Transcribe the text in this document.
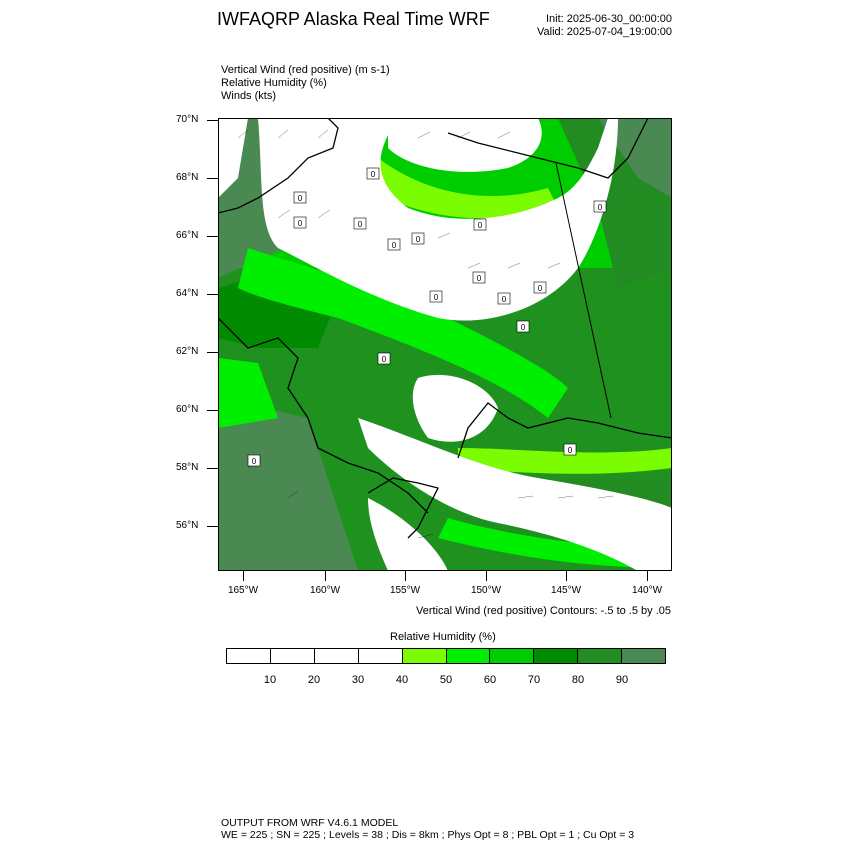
IWFAQRP Alaska Real Time WRF	Init: 2025-06-30_00:00:00
Valid: 2025-07-04_19:00:00
Vertical Wind (red positive) (m s-1)
Relative Humidity (%)
Winds (kts)
0
0
0	0
0
0
0
0
0
0
0
0
0
0
0
0
70°N
68°N
66°N
64°N
62°N
60°N
58°N
56°N
165°W	160°W	155°W	150°W	145°W	140°W
Vertical Wind (red positive) Contours: -.5 to .5 by .05
Relative Humidity (%)
10	20	30	40	50	60	70	80	90
OUTPUT FROM WRF V4.6.1 MODEL
WE = 225 ; SN = 225 ; Levels = 38 ; Dis = 8km ; Phys Opt = 8 ; PBL Opt = 1 ; Cu Opt = 3
